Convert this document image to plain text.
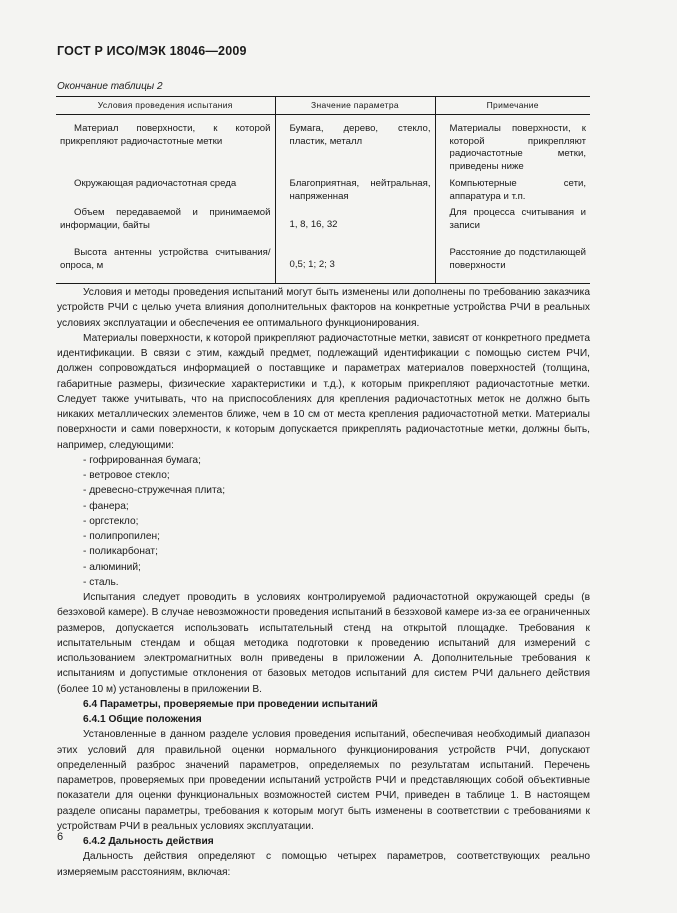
ГОСТ Р ИСО/МЭК 18046—2009
Окончание таблицы 2
Условия проведения испытания	Значение параметра	Примечание
Материал поверхности, к которой прикрепляют радиочастотные метки	Бумага, дерево, стекло, пластик, металл	Материалы поверхности, к которой прикрепляют радиочастотные метки, приведены ниже
Окружающая радиочастотная среда	Благоприятная, нейтральная, напряженная	Компьютерные сети, аппаратура и т.п.
Объем передаваемой и принимаемой информации, байты	1, 8, 16, 32	Для процесса считывания и записи
Высота антенны устройства считывания/опроса, м	0,5; 1; 2; 3	Расстояние до подстилающей поверхности

Условия и методы проведения испытаний могут быть изменены или дополнены по требованию заказчика устройств РЧИ с целью учета влияния дополнительных факторов на конкретные устройства РЧИ в реальных условиях эксплуатации и обеспечения ее оптимального функционирования.

Материалы поверхности, к которой прикрепляют радиочастотные метки, зависят от конкретного предмета идентификации. В связи с этим, каждый предмет, подлежащий идентификации с помощью систем РЧИ, должен сопровождаться информацией о поставщике и параметрах материалов поверхностей (толщина, габаритные размеры, физические характеристики и т.д.), к которым прикрепляют радиочастотные метки. Следует также учитывать, что на приспособлениях для крепления радиочастотных меток не должно быть никаких металлических элементов ближе, чем в 10 см от места крепления радиочастотной метки. Материалы поверхности и сами поверхности, к которым допускается прикреплять радиочастотные метки, должны быть, например, следующими:

- гофрированная бумага;

- ветровое стекло;

- древесно-стружечная плита;

- фанера;

- оргстекло;

- полипропилен;

- поликарбонат;

- алюминий;

- сталь.

Испытания следует проводить в условиях контролируемой радиочастотной окружающей среды (в безэховой камере). В случае невозможности проведения испытаний в безэховой камере из-за ее ограниченных размеров, допускается использовать испытательный стенд на открытой площадке. Требования к испытательным стендам и общая методика подготовки к проведению испытаний для измерений с использованием электромагнитных волн приведены в приложении А. Дополнительные требования к испытаниям и допустимые отклонения от базовых методов испытаний для систем РЧИ дальнего действия (более 10 м) установлены в приложении В.

6.4 Параметры, проверяемые при проведении испытаний

6.4.1 Общие положения

Установленные в данном разделе условия проведения испытаний, обеспечивая необходимый диапазон этих условий для правильной оценки нормального функционирования устройств РЧИ, допускают определенный разброс значений параметров, определяемых по результатам испытаний. Перечень параметров, проверяемых при проведении испытаний устройств РЧИ и представляющих собой объективные показатели для оценки функциональных возможностей систем РЧИ, приведен в таблице 1. В настоящем разделе описаны параметры, требования к которым могут быть изменены в соответствии с требованиями к устройствам РЧИ в реальных условиях эксплуатации.

6.4.2 Дальность действия

Дальность действия определяют с помощью четырех параметров, соответствующих реально измеряемым расстояниям, включая:

6
